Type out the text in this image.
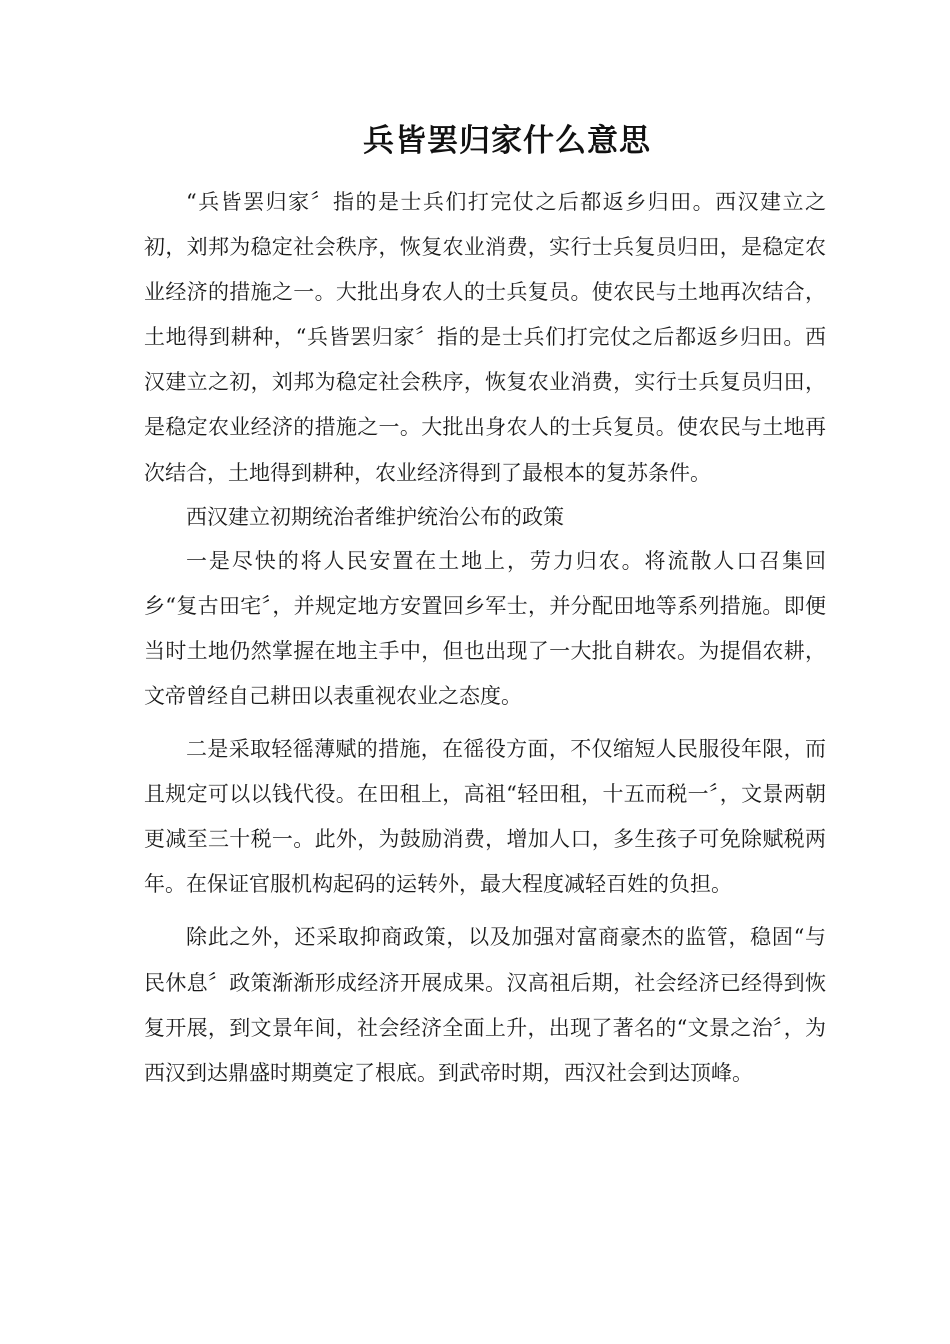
兵皆罢归家什么意思

“兵皆罢归家〞指的是士兵们打完仗之后都返乡归田。西汉建立之初，刘邦为稳定社会秩序，恢复农业消费，实行士兵复员归田，是稳定农业经济的措施之一。大批出身农人的士兵复员。使农民与土地再次结合，土地得到耕种，“兵皆罢归家〞指的是士兵们打完仗之后都返乡归田。西汉建立之初，刘邦为稳定社会秩序，恢复农业消费，实行士兵复员归田，是稳定农业经济的措施之一。大批出身农人的士兵复员。使农民与土地再次结合，土地得到耕种，农业经济得到了最根本的复苏条件。

西汉建立初期统治者维护统治公布的政策

一是尽快的将人民安置在土地上，劳力归农。将流散人口召集回乡“复古田宅〞，并规定地方安置回乡军士，并分配田地等系列措施。即便当时土地仍然掌握在地主手中，但也出现了一大批自耕农。为提倡农耕，文帝曾经自己耕田以表重视农业之态度。

二是采取轻徭薄赋的措施，在徭役方面，不仅缩短人民服役年限，而且规定可以以钱代役。在田租上，高祖“轻田租，十五而税一〞，文景两朝更减至三十税一。此外，为鼓励消费，增加人口，多生孩子可免除赋税两年。在保证官服机构起码的运转外，最大程度减轻百姓的负担。

除此之外，还采取抑商政策，以及加强对富商豪杰的监管，稳固“与民休息〞政策渐渐形成经济开展成果。汉高祖后期，社会经济已经得到恢复开展，到文景年间，社会经济全面上升，出现了著名的“文景之治〞，为西汉到达鼎盛时期奠定了根底。到武帝时期，西汉社会到达顶峰。
